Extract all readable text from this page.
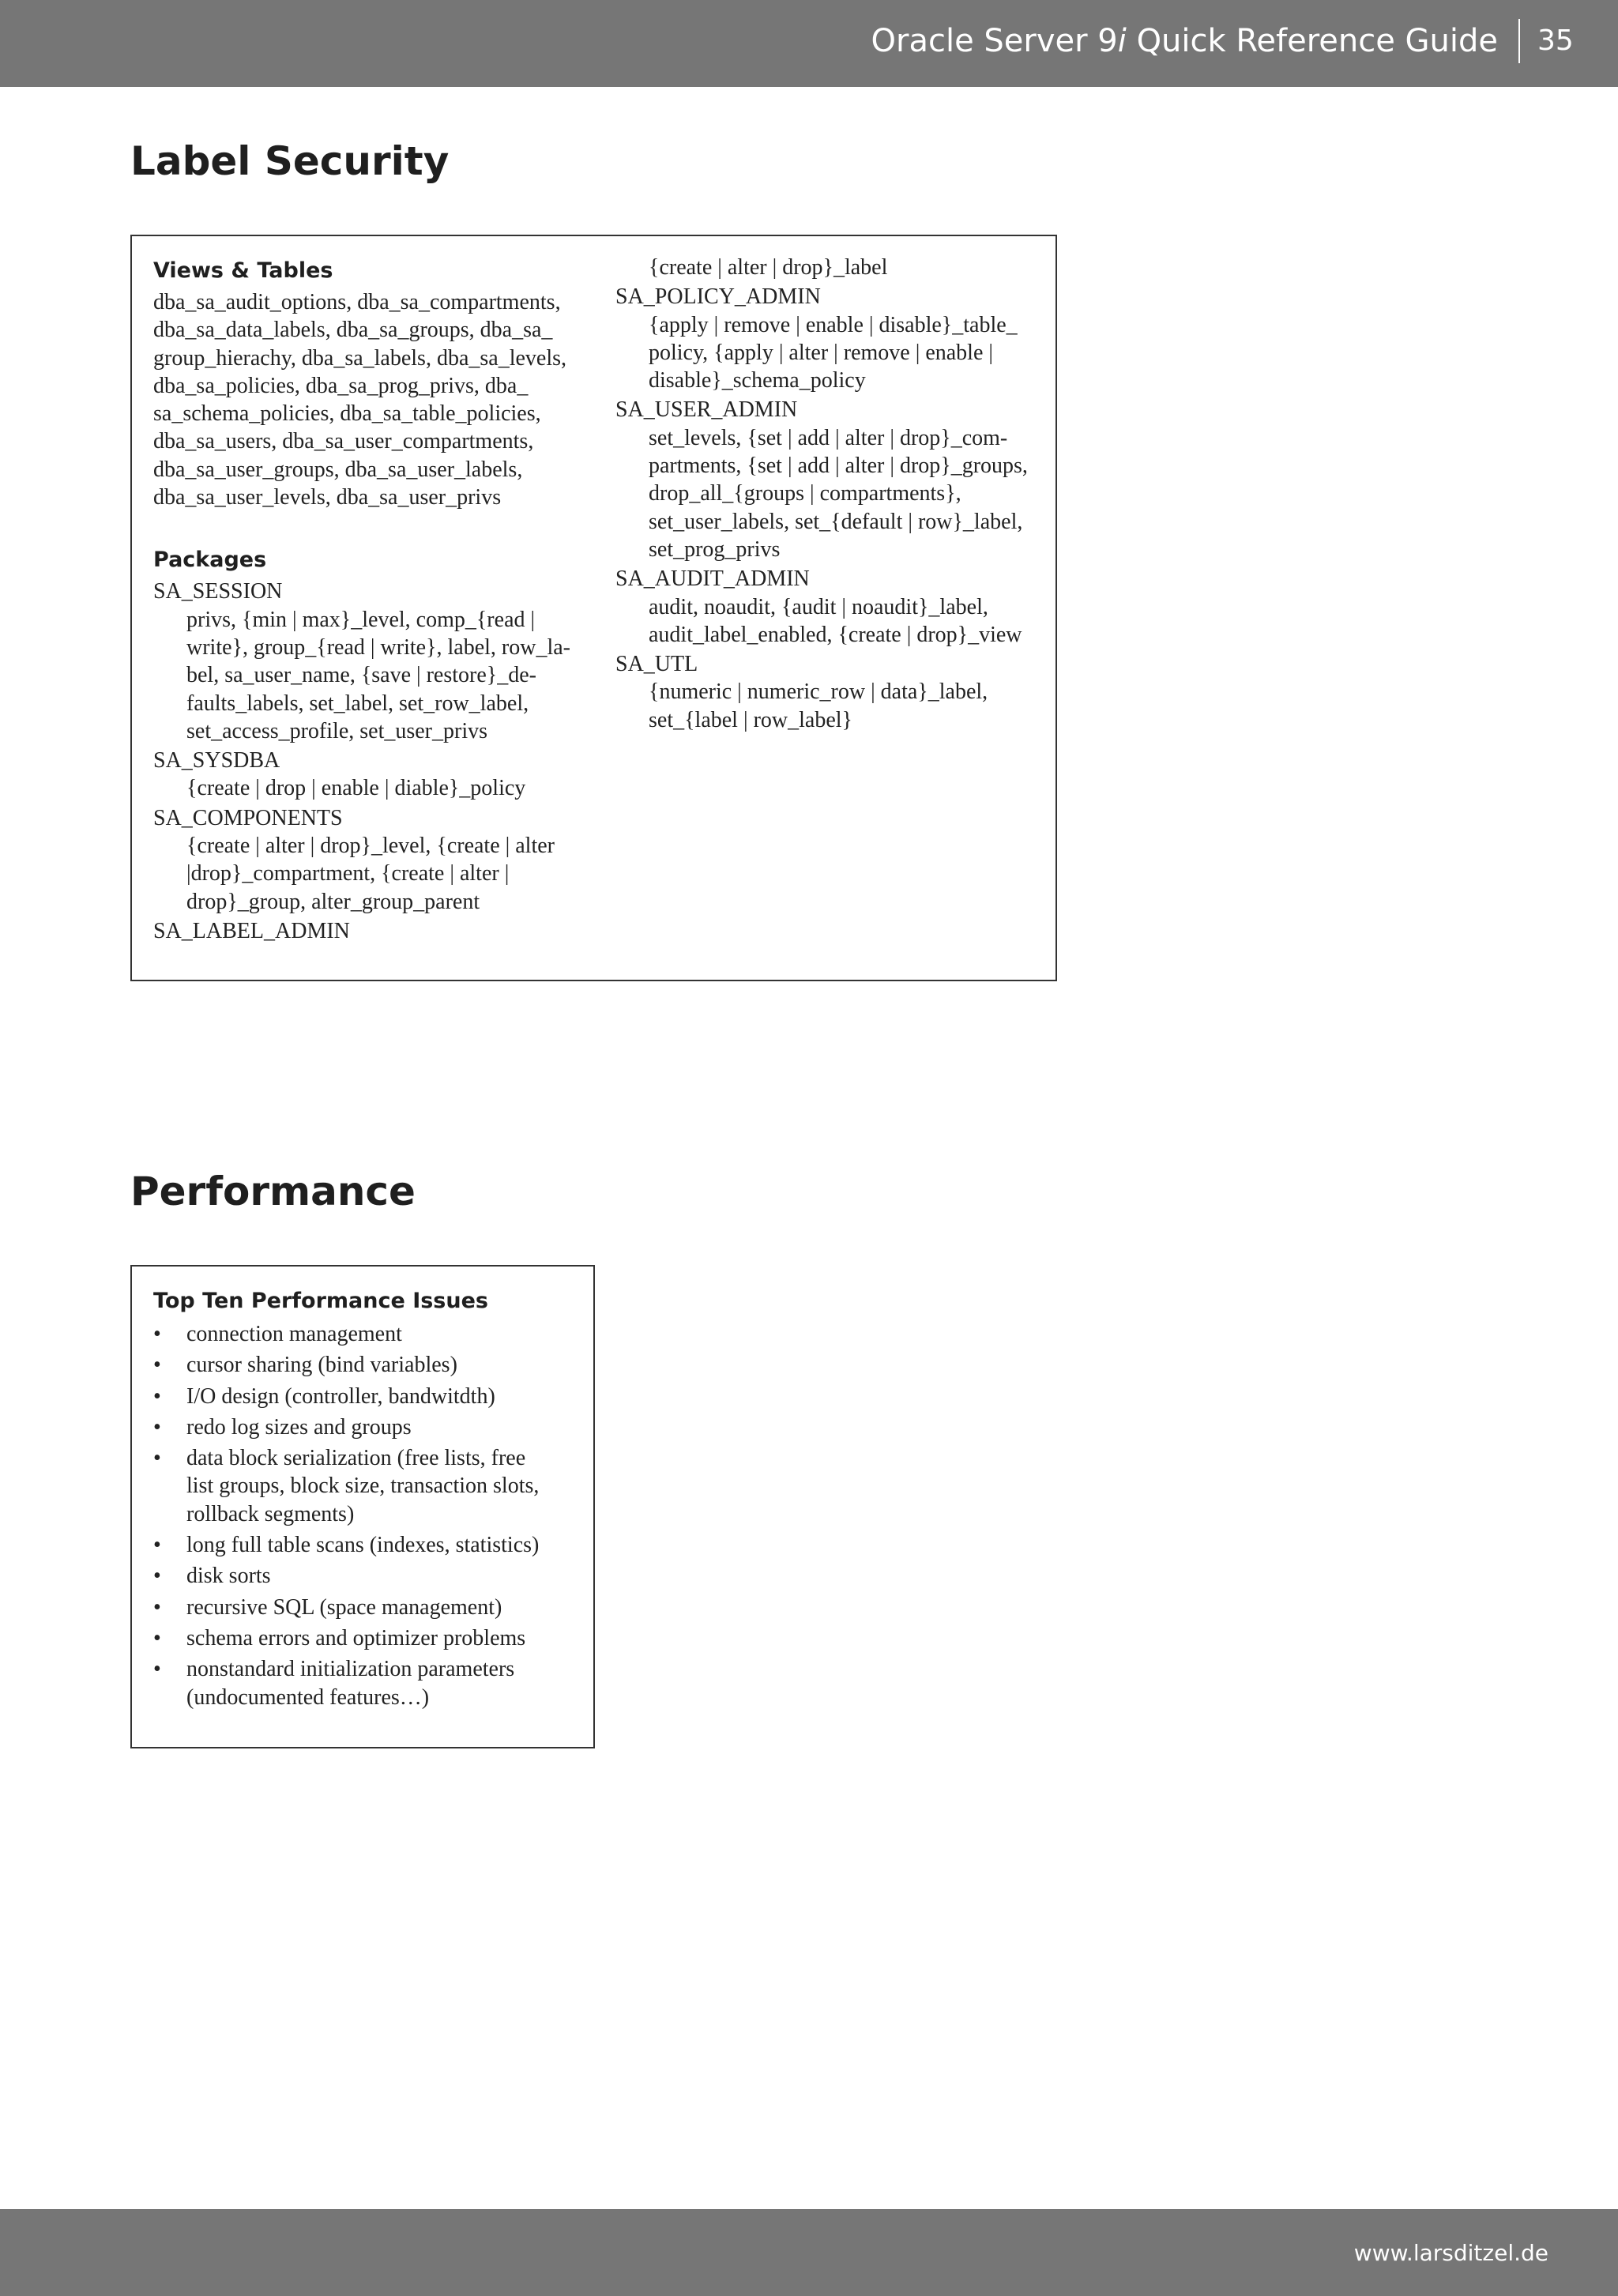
Oracle Server 9i Quick Reference Guide 35
Label Security
Views & Tables
dba_sa_audit_options, dba_sa_compartments,
dba_sa_data_labels, dba_sa_groups, dba_sa_
group_hierachy, dba_sa_labels, dba_sa_levels,
dba_sa_policies, dba_sa_prog_privs, dba_
sa_schema_policies, dba_sa_table_policies,
dba_sa_users, dba_sa_user_compartments,
dba_sa_user_groups, dba_sa_user_labels,
dba_sa_user_levels, dba_sa_user_privs
Packages
SA_SESSION
privs, {min | max}_level, comp_{read |
write}, group_{read | write}, label, row_la-
bel, sa_user_name, {save | restore}_de-
faults_labels, set_label, set_row_label,
set_access_profile, set_user_privs
SA_SYSDBA
{create | drop | enable | diable}_policy
SA_COMPONENTS
{create | alter | drop}_level, {create | alter
|drop}_compartment, {create | alter |
drop}_group, alter_group_parent
SA_LABEL_ADMIN
{create | alter | drop}_label
SA_POLICY_ADMIN
{apply | remove | enable | disable}_table_
policy, {apply | alter | remove | enable |
disable}_schema_policy
SA_USER_ADMIN
set_levels, {set | add | alter | drop}_com-
partments, {set | add | alter | drop}_groups,
drop_all_{groups | compartments},
set_user_labels, set_{default | row}_label,
set_prog_privs
SA_AUDIT_ADMIN
audit, noaudit, {audit | noaudit}_label,
audit_label_enabled, {create | drop}_view
SA_UTL
{numeric | numeric_row | data}_label,
set_{label | row_label}
Performance
Top Ten Performance Issues
• connection management
• cursor sharing (bind variables)
• I/O design (controller, bandwitdth)
• redo log sizes and groups
• data block serialization (free lists, free
list groups, block size, transaction slots,
rollback segments)
• long full table scans (indexes, statistics)
• disk sorts
• recursive SQL (space management)
• schema errors and optimizer problems
• nonstandard initialization parameters
(undocumented features…)
www.larsditzel.de
